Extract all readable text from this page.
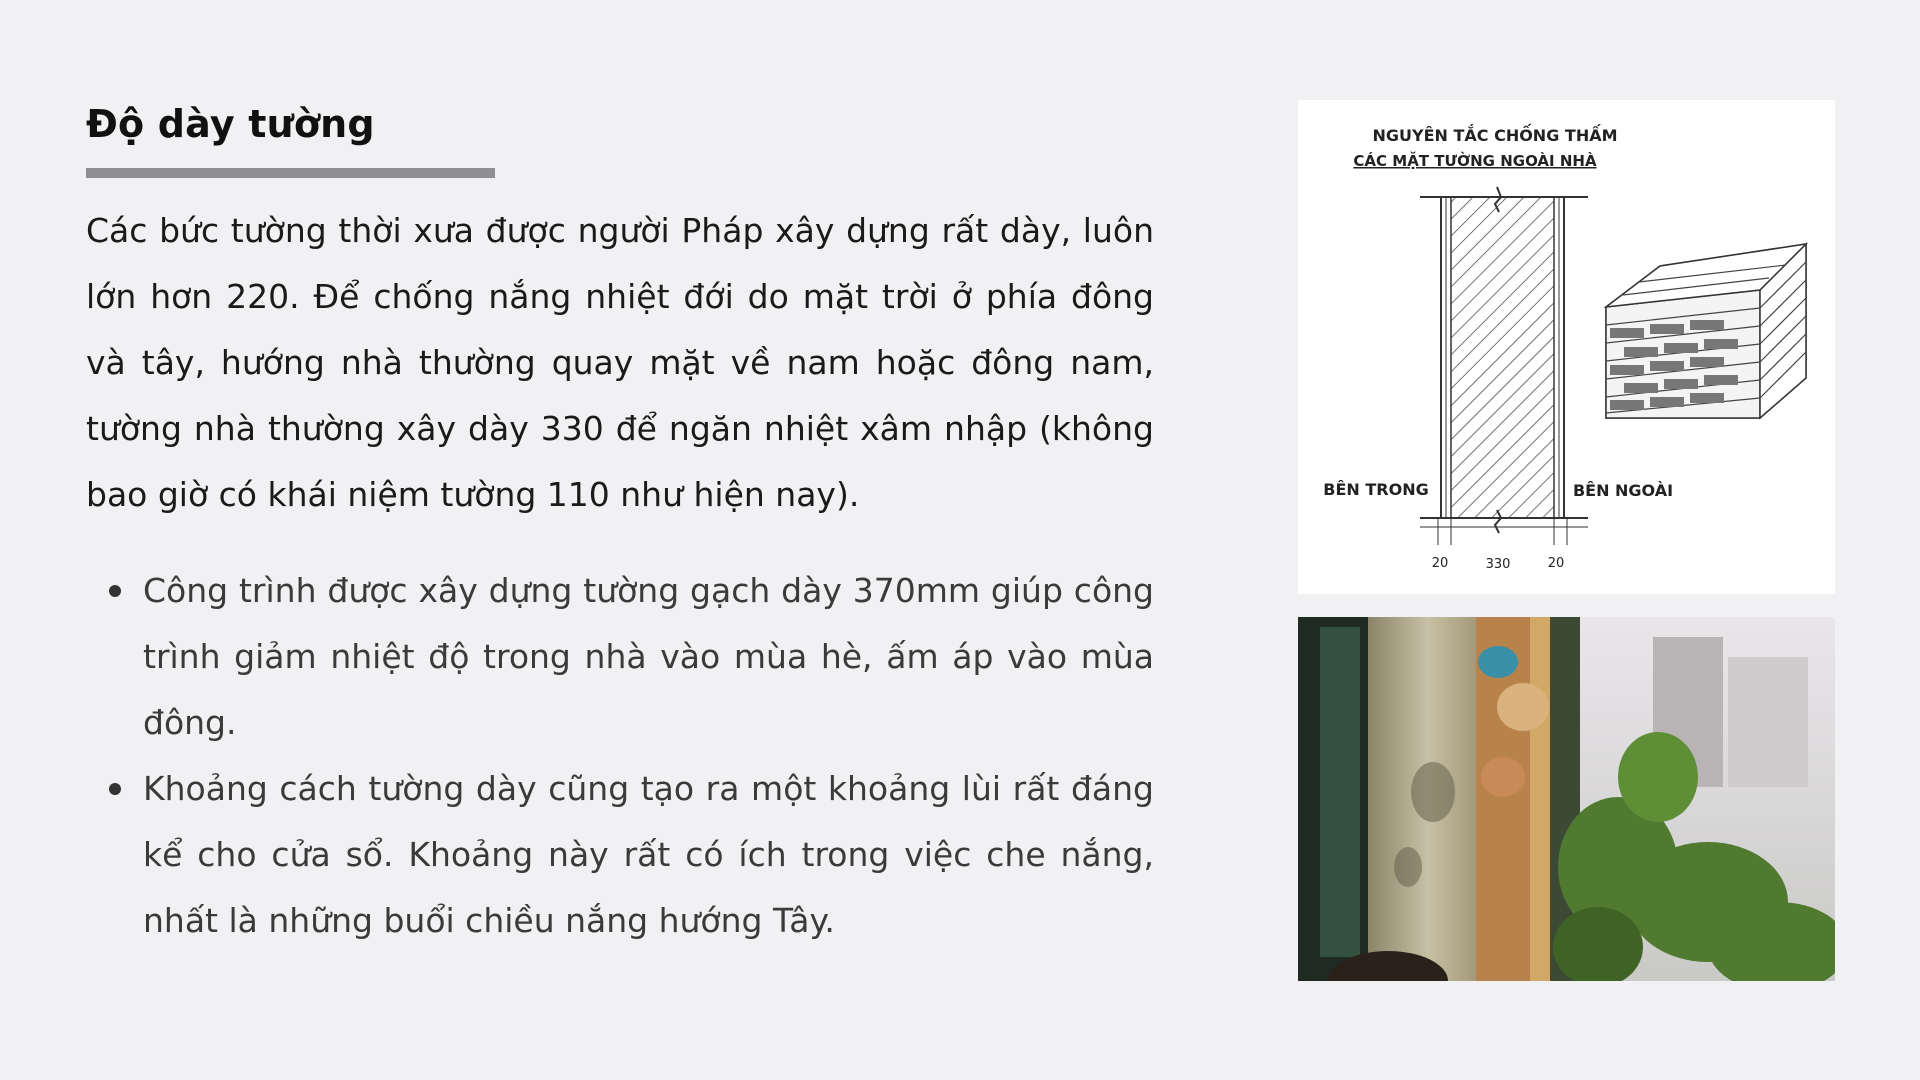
Độ dày tường

Các bức tường thời xưa được người Pháp xây dựng rất dày, luôn lớn hơn 220. Để chống nắng nhiệt đới do mặt trời ở phía đông và tây, hướng nhà thường quay mặt về nam hoặc đông nam, tường nhà thường xây dày 330 để ngăn nhiệt xâm nhập (không bao giờ có khái niệm tường 110 như hiện nay).

Công trình được xây dựng tường gạch dày 370mm giúp công trình giảm nhiệt độ trong nhà vào mùa hè, ấm áp vào mùa đông.
Khoảng cách tường dày cũng tạo ra một khoảng lùi rất đáng kể cho cửa sổ. Khoảng này rất có ích trong việc che nắng, nhất là những buổi chiều nắng hướng Tây.
NGUYÊN TẮC CHỐNG THẤM
CÁC MẶT TƯỜNG NGOÀI NHÀ
20	330	20
BÊN TRONG	BÊN NGOÀI
